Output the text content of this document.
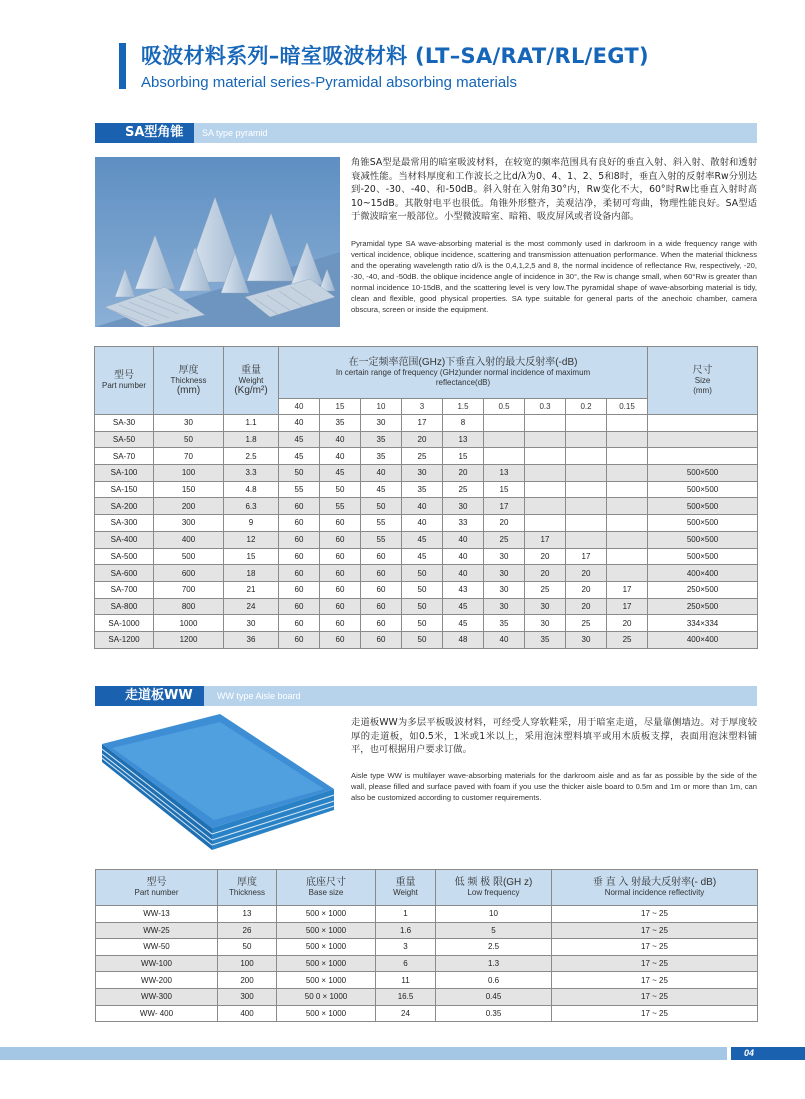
吸波材料系列–暗室吸波材料 (LT–SA/RAT/RL/EGT)
Absorbing material series-Pyramidal absorbing materials
SA型角锥	SA type pyramid
角锥SA型是最常用的暗室吸波材料，在较宽的频率范围具有良好的垂直入射、斜入射、散射和透射衰减性能。当材料厚度和工作波长之比d/λ为0、4、1、2、5和8时，垂直入射的反射率Rw分别达到-20、-30、-40、和-50dB。斜入射在入射角30°内，Rw变化不大，60°时Rw比垂直入射时高10~15dB。其散射电平也很低。角锥外形整齐，美观洁净，柔韧可弯曲，物理性能良好。SA型适于微波暗室一般部位。小型微波暗室、暗箱、吸皮屏风或者设备内部。
Pyramidal type SA wave-absorbing material is the most commonly used in darkroom in a wide frequency range with vertical incidence, oblique incidence, scattering and transmission attenuation performance. When the material thickness and the operating wavelength ratio d/λ is the 0,4,1,2,5 and 8, the normal incidence of reflectance Rw, respectively, -20, -30, -40, and -50dB. the oblique incidence angle of incidence in 30°, the Rw is change small, when 60°Rw is greater than normal incidence 10-15dB, and the scattering level is very low.The pyramidal shape of wave-absorbing material is tidy, clean and flexible, good physical properties. SA type suitable for general parts of the anechoic chamber, camera obscura, screen or inside the equipment.
型号
Part number	厚度
Thickness
(mm)	重量
Weight
(Kg/m²)	在一定频率范围(GHz)下垂直入射的最大反射率(-dB)
In certain range of frequency (GHz)under normal incidence of maximum reflectance(dB)									尺寸
Size
(mm)

			40	15	10	3	1.5	0.5	0.3	0.2	0.15	
SA-30	30	1.1	40	35	30	17	8					
SA-50	50	1.8	45	40	35	20	13					
SA-70	70	2.5	45	40	35	25	15					
SA-100	100	3.3	50	45	40	30	20	13				500×500
SA-150	150	4.8	55	50	45	35	25	15				500×500
SA-200	200	6.3	60	55	50	40	30	17				500×500
SA-300	300	9	60	60	55	40	33	20				500×500
SA-400	400	12	60	60	55	45	40	25	17			500×500
SA-500	500	15	60	60	60	45	40	30	20	17		500×500
SA-600	600	18	60	60	60	50	40	30	20	20		400×400
SA-700	700	21	60	60	60	50	43	30	25	20	17	250×500
SA-800	800	24	60	60	60	50	45	30	30	20	17	250×500
SA-1000	1000	30	60	60	60	50	45	35	30	25	20	334×334
SA-1200	1200	36	60	60	60	50	48	40	35	30	25	400×400
走道板WW	WW type Aisle board
走道板WW为多层平板吸波材料，可经受人穿软鞋采，用于暗室走道，尽量靠侧墙边。对于厚度较厚的走道板，如0.5米，1米或1米以上，采用泡沫塑料填平或用木质板支撑，表面用泡沫塑料铺平，也可根据用户要求订做。
Aisle type WW is multilayer wave-absorbing materials for the darkroom aisle and as far as possible by the side of the wall, please filled and surface paved with foam if you use the thicker aisle board to 0.5m and 1m or more than 1m, can also be customized according to customer requirements.
型号
Part number	厚度
Thickness	底座尺寸
Base size	重量
Weight	低 频 极 限(GH z)
Low frequency	垂 直 入 射最大反射率(- dB)
Normal incidence reflectivity

WW-13	13	500 × 1000	1	10	17 ~ 25
WW-25	26	500 × 1000	1.6	5	17 ~ 25
WW-50	50	500 × 1000	3	2.5	17 ~ 25
WW-100	100	500 × 1000	6	1.3	17 ~ 25
WW-200	200	500 × 1000	11	0.6	17 ~ 25
WW-300	300	50 0 × 1000	16.5	0.45	17 ~ 25
WW- 400	400	500 × 1000	24	0.35	17 ~ 25
04
